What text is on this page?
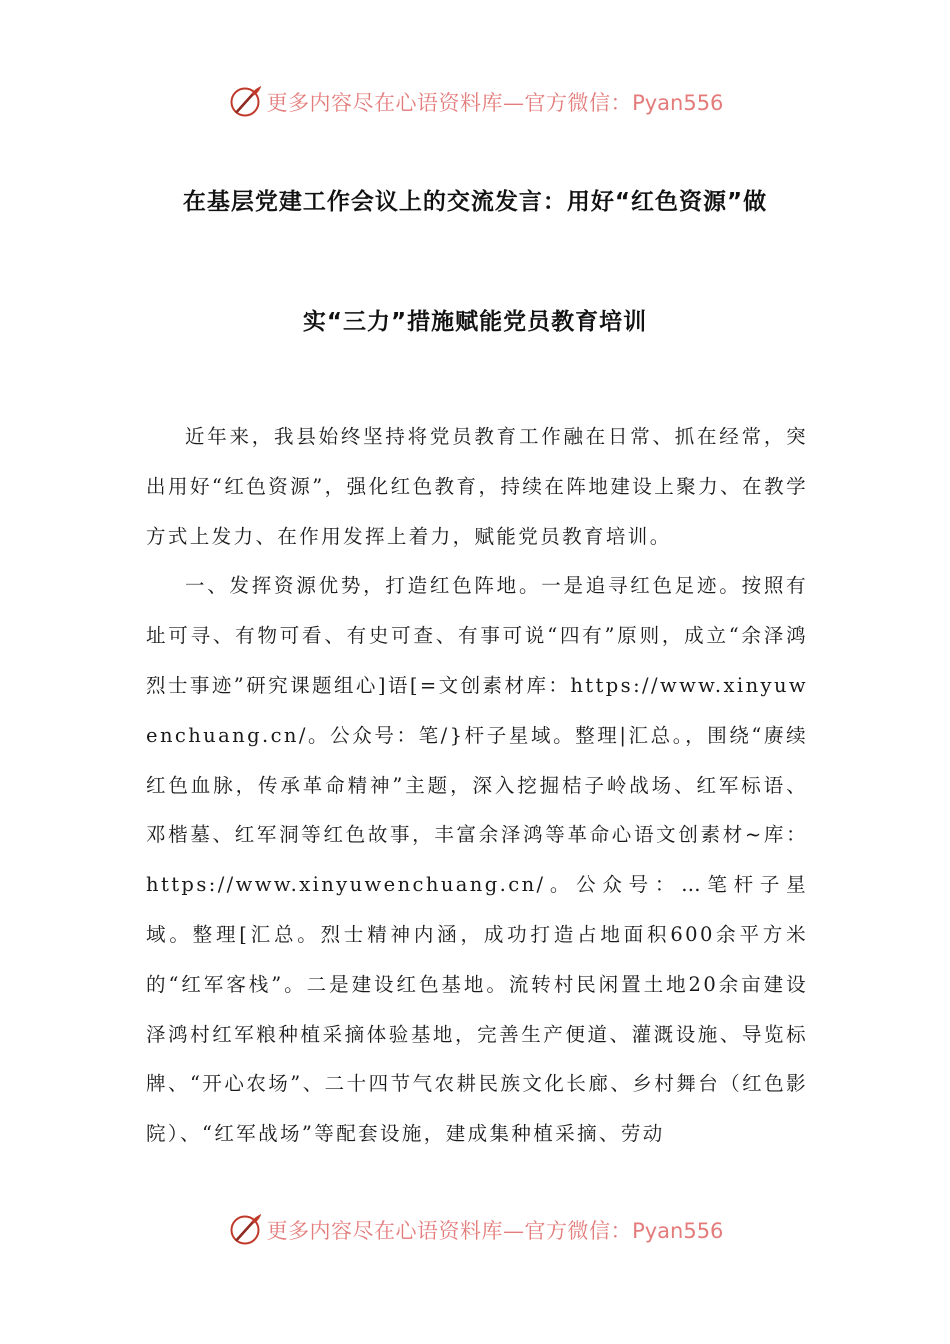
更多内容尽在心语资料库—官方微信：Pyan556
在基层党建工作会议上的交流发言：用好“红色资源”做
实“三力”措施赋能党员教育培训

近年来，我县始终坚持将党员教育工作融在日常、抓在经常，突出用好“红色资源”，强化红色教育，持续在阵地建设上聚力、在教学方式上发力、在作用发挥上着力，赋能党员教育培训。

一、发挥资源优势，打造红色阵地。一是追寻红色足迹。按照有址可寻、有物可看、有史可查、有事可说“四有”原则，成立“余泽鸿烈士事迹”研究课题组心]语[=文创素材库：https://www.xinyuwenchuang.cn/。公众号：笔/}杆子星域。整理|汇总。，围绕“赓续红色血脉，传承革命精神”主题，深入挖掘桔子岭战场、红军标语、邓楷墓、红军洞等红色故事，丰富余泽鸿等革命心语文创素材~库：https://www.xinyuwenchuang.cn/。公众号：…笔杆子星域。整理[汇总。烈士精神内涵，成功打造占地面积600余平方米的“红军客栈”。二是建设红色基地。流转村民闲置土地20余亩建设泽鸿村红军粮种植采摘体验基地，完善生产便道、灌溉设施、导览标牌、“开心农场”、二十四节气农耕民族文化长廊、乡村舞台（红色影院）、“红军战场”等配套设施，建成集种植采摘、劳动

更多内容尽在心语资料库—官方微信：Pyan556
